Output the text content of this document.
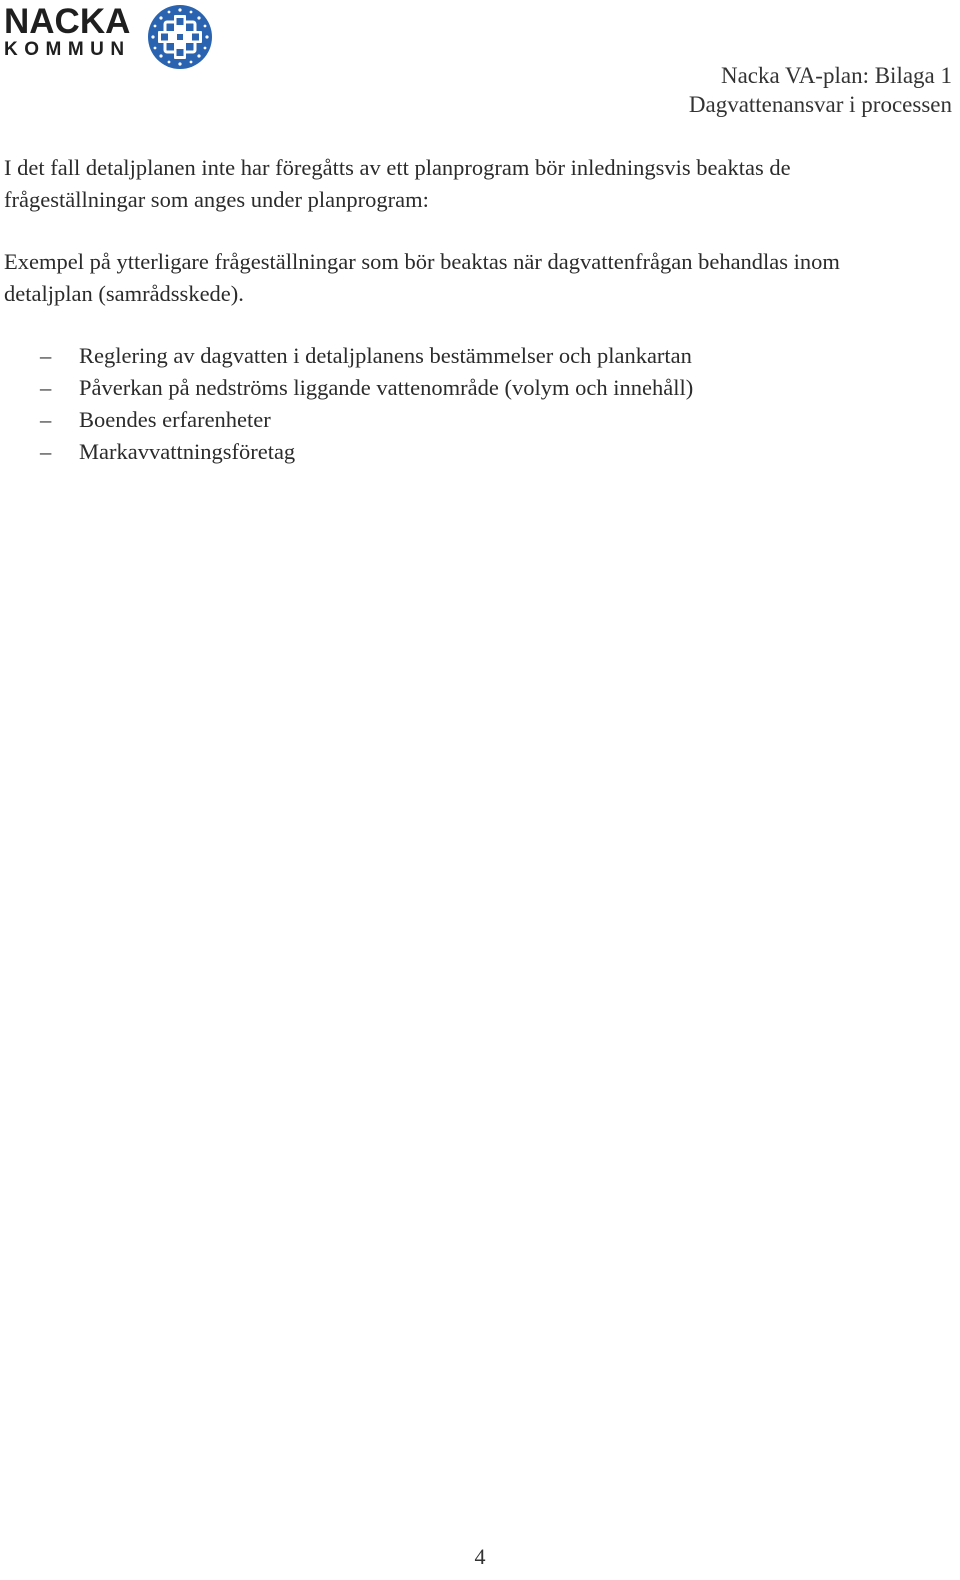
NACKA
KOMMUN
Nacka VA-plan: Bilaga 1
Dagvattenansvar i processen

I det fall detaljplanen inte har föregåtts av ett planprogram bör inledningsvis beaktas de frågeställningar som anges under planprogram:

Exempel på ytterligare frågeställningar som bör beaktas när dagvattenfrågan behandlas inom detaljplan (samrådsskede).

– Reglering av dagvatten i detaljplanens bestämmelser och plankartan
– Påverkan på nedströms liggande vattenområde (volym och innehåll)
– Boendes erfarenheter
– Markavvattningsföretag
4
